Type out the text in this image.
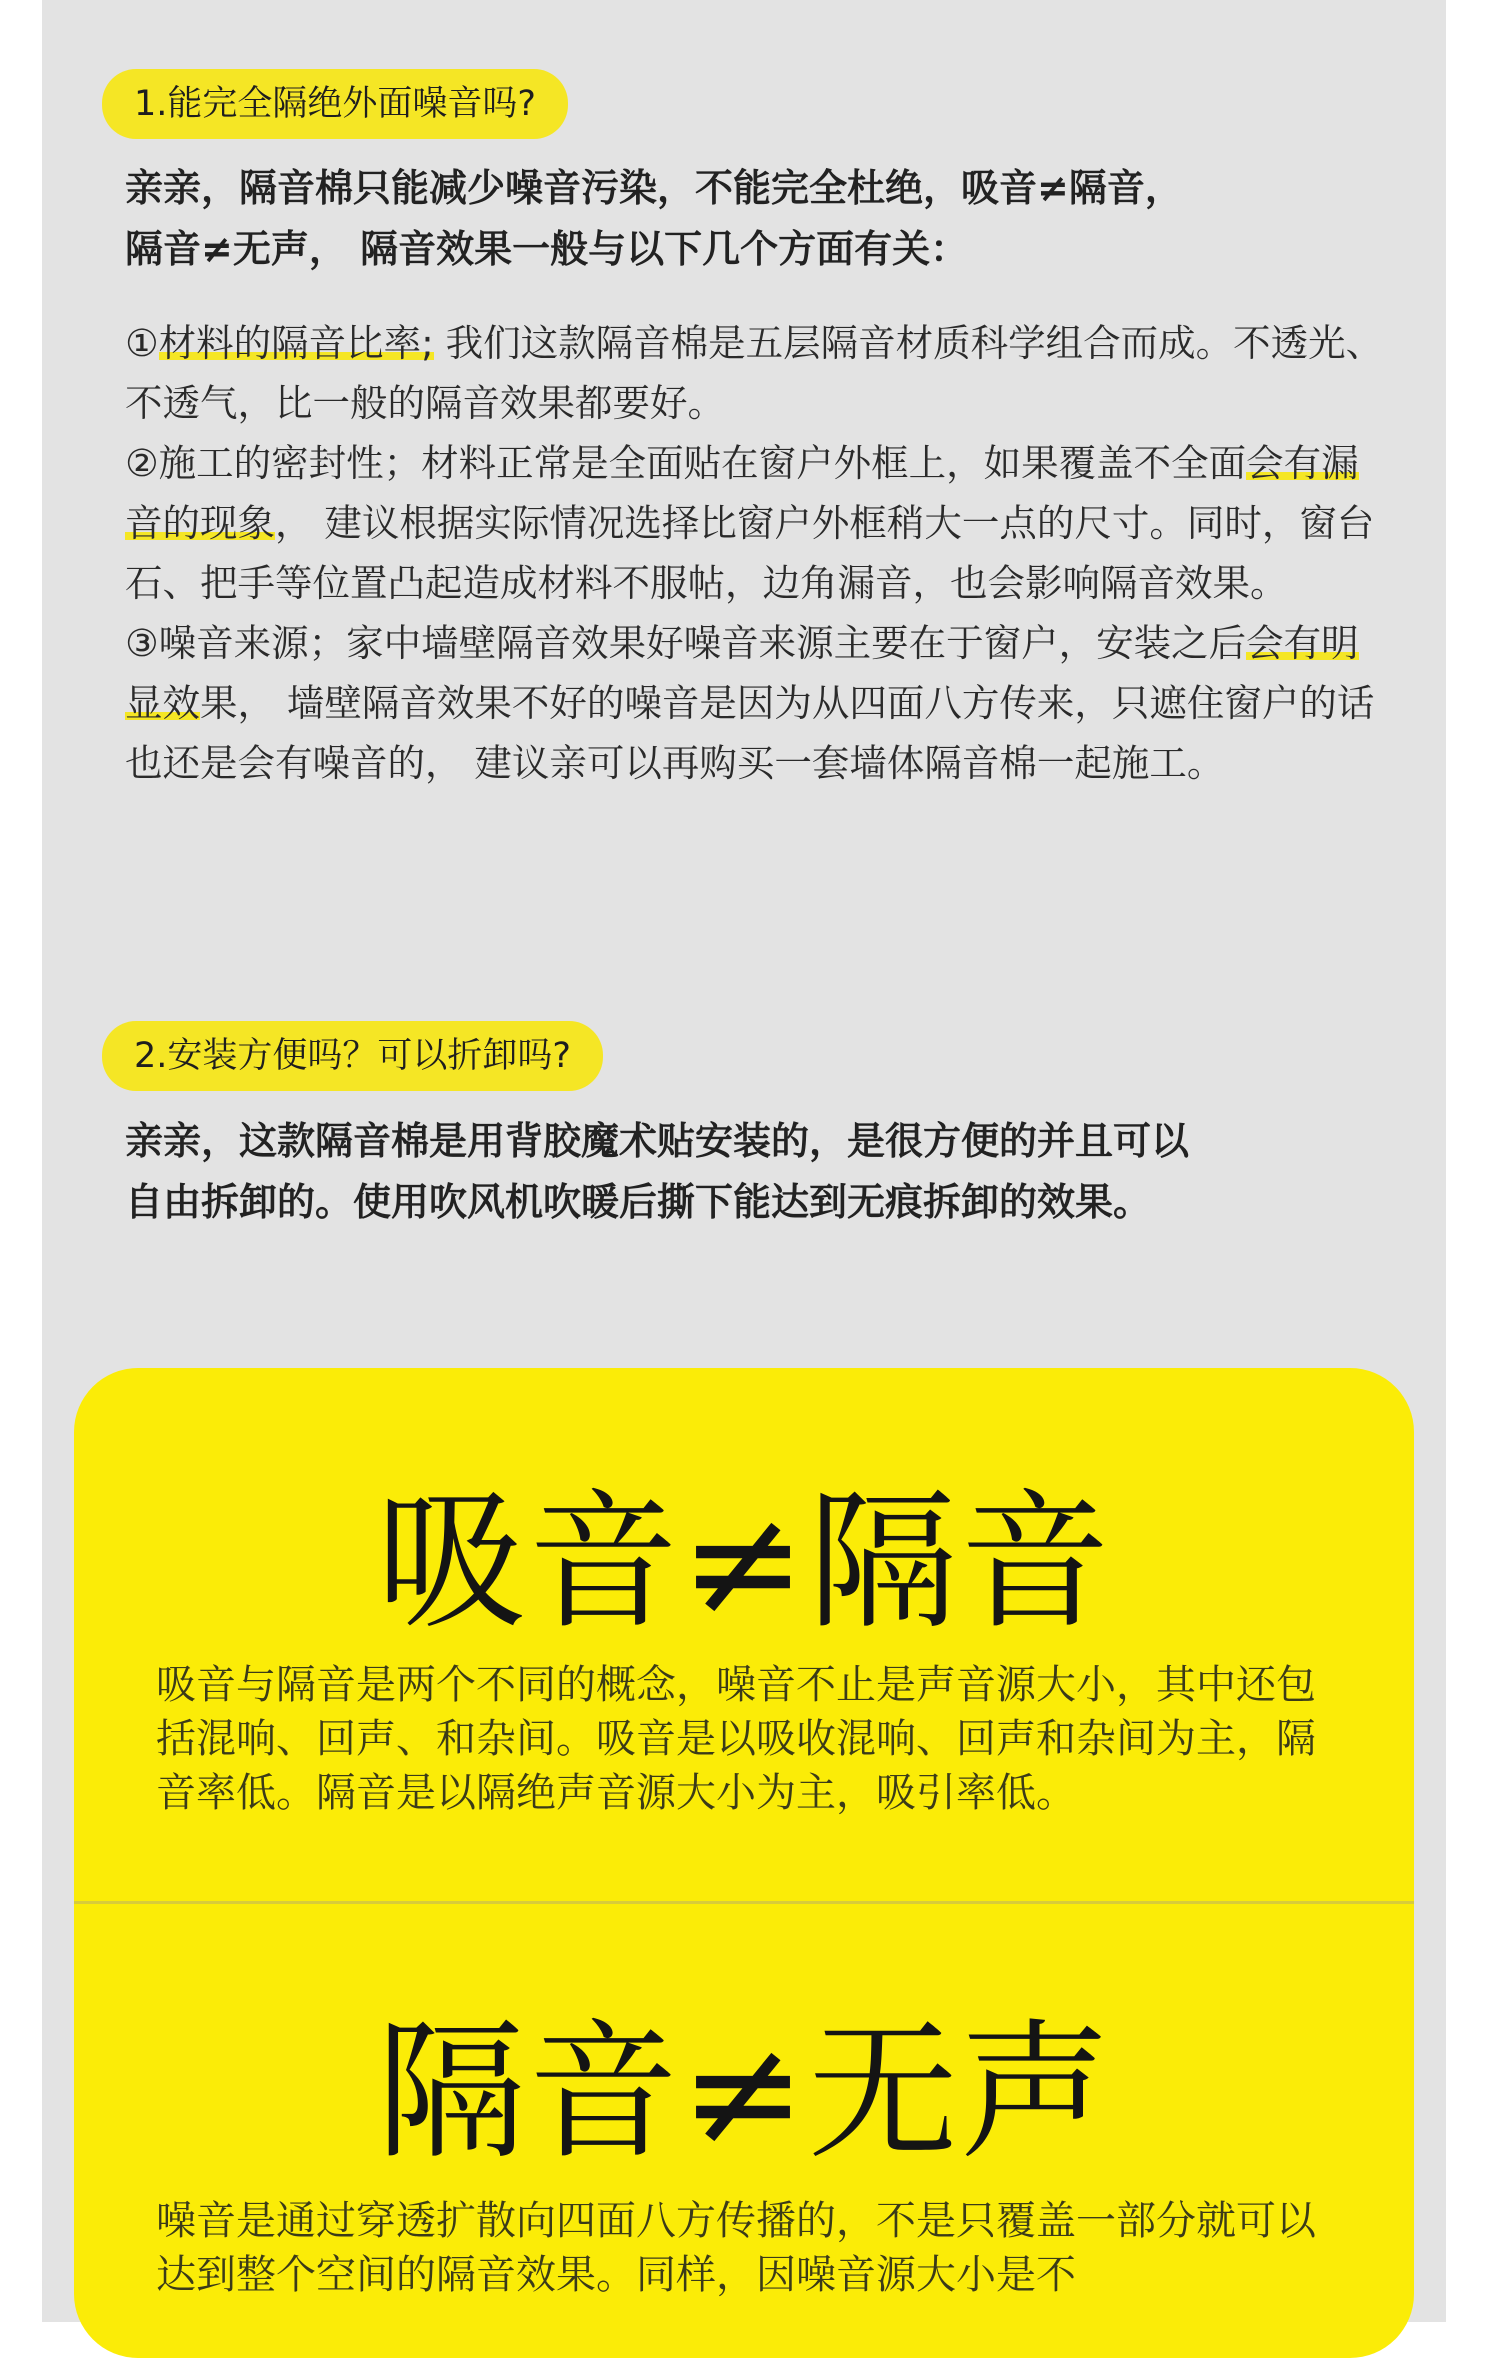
1.能完全隔绝外面噪音吗?

亲亲，隔音棉只能减少噪音污染，不能完全杜绝，吸音≠隔音，
隔音≠无声， 隔音效果一般与以下几个方面有关：

①材料的隔音比率; 我们这款隔音棉是五层隔音材质科学组合而成。不透光、不透气，比一般的隔音效果都要好。

②施工的密封性；材料正常是全面贴在窗户外框上，如果覆盖不全面会有漏音的现象， 建议根据实际情况选择比窗户外框稍大一点的尺寸。同时，窗台石、把手等位置凸起造成材料不服帖，边角漏音，也会影响隔音效果。

③噪音来源；家中墙壁隔音效果好噪音来源主要在于窗户，安装之后会有明显效果， 墙壁隔音效果不好的噪音是因为从四面八方传来，只遮住窗户的话也还是会有噪音的， 建议亲可以再购买一套墙体隔音棉一起施工。

2.安装方便吗？可以折卸吗?

亲亲，这款隔音棉是用背胶魔术贴安装的，是很方便的并且可以
自由拆卸的。使用吹风机吹暖后撕下能达到无痕拆卸的效果。

吸音≠隔音
吸音与隔音是两个不同的概念，噪音不止是声音源大小，其中还包括混响、回声、和杂间。吸音是以吸收混响、回声和杂间为主，隔音率低。隔音是以隔绝声音源大小为主，吸引率低。
隔音≠无声
噪音是通过穿透扩散向四面八方传播的，不是只覆盖一部分就可以达到整个空间的隔音效果。同样，因噪音源大小是不
